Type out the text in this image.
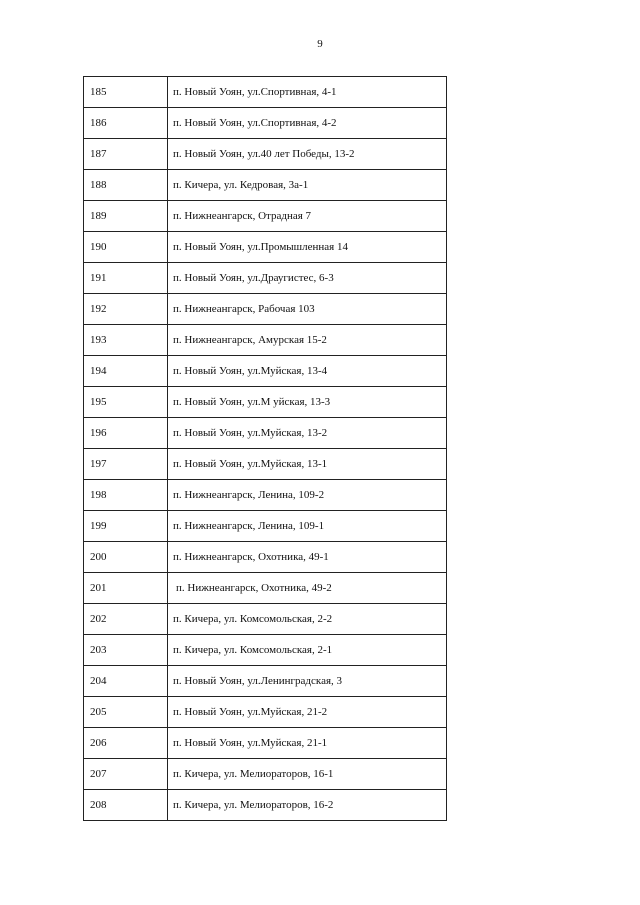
9
185	п. Новый Уоян, ул.Спортивная, 4-1

186	п. Новый Уоян, ул.Спортивная, 4-2

187	п. Новый Уоян, ул.40 лет Победы, 13-2

188	п. Кичера, ул. Кедровая, 3а-1

189	п. Нижнеангарск, Отрадная 7

190	п. Новый Уоян, ул.Промышленная 14

191	п. Новый Уоян, ул.Драугистес, 6-3

192	п. Нижнеангарск, Рабочая 103

193	п. Нижнеангарск, Амурская 15-2

194	п. Новый Уоян, ул.Муйская, 13-4

195	п. Новый Уоян, ул.М уйская, 13-3

196	п. Новый Уоян, ул.Муйская, 13-2

197	п. Новый Уоян, ул.Муйская, 13-1

198	п. Нижнеангарск, Ленина, 109-2

199	п. Нижнеангарск, Ленина, 109-1

200	п. Нижнеангарск, Охотника, 49-1

201	п. Нижнеангарск, Охотника, 49-2

202	п. Кичера, ул. Комсомольская, 2-2

203	п. Кичера, ул. Комсомольская, 2-1

204	п. Новый Уоян, ул.Ленинградская, 3

205	п. Новый Уоян, ул.Муйская, 21-2

206	п. Новый Уоян, ул.Муйская, 21-1

207	п. Кичера, ул. Мелиораторов, 16-1

208	п. Кичера, ул. Мелиораторов, 16-2
